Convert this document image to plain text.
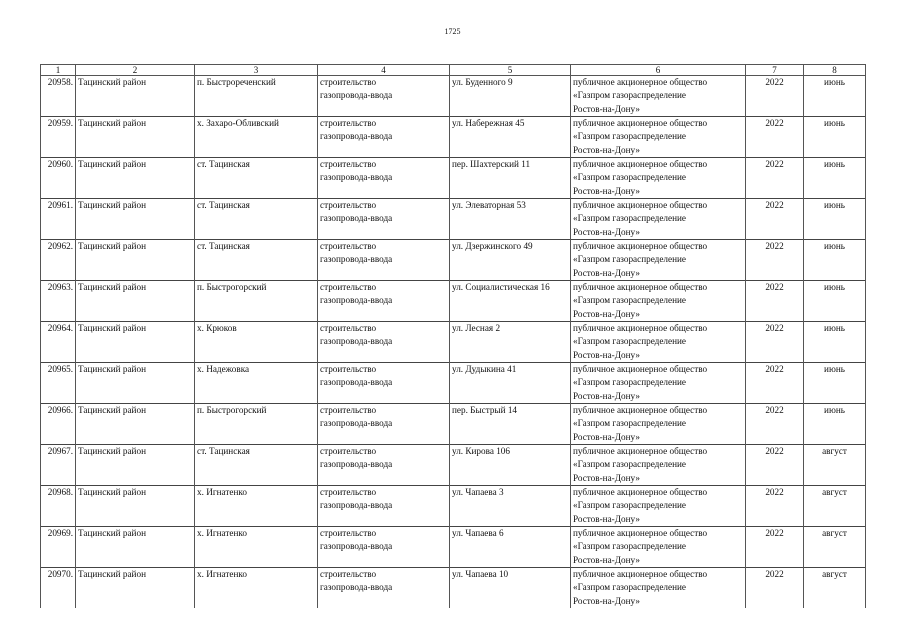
1725
1	2	3	4	5	6	7	8

20958.	Тацинский район	п. Быстрореченский	строительство
газопровода-ввода	ул. Буденного 9	публичное акционерное общество
«Газпром газораспределение
Ростов-на-Дону»	2022	июнь

20959.	Тацинский район	х. Захаро-Обливский	строительство
газопровода-ввода	ул. Набережная 45	публичное акционерное общество
«Газпром газораспределение
Ростов-на-Дону»	2022	июнь

20960.	Тацинский район	ст. Тацинская	строительство
газопровода-ввода	пер. Шахтерский 11	публичное акционерное общество
«Газпром газораспределение
Ростов-на-Дону»	2022	июнь

20961.	Тацинский район	ст. Тацинская	строительство
газопровода-ввода	ул. Элеваторная 53	публичное акционерное общество
«Газпром газораспределение
Ростов-на-Дону»	2022	июнь

20962.	Тацинский район	ст. Тацинская	строительство
газопровода-ввода	ул. Дзержинского 49	публичное акционерное общество
«Газпром газораспределение
Ростов-на-Дону»	2022	июнь

20963.	Тацинский район	п. Быстрогорский	строительство
газопровода-ввода	ул. Социалистическая 16	публичное акционерное общество
«Газпром газораспределение
Ростов-на-Дону»	2022	июнь

20964.	Тацинский район	х. Крюков	строительство
газопровода-ввода	ул. Лесная 2	публичное акционерное общество
«Газпром газораспределение
Ростов-на-Дону»	2022	июнь

20965.	Тацинский район	х. Надежовка	строительство
газопровода-ввода	ул. Дудыкина 41	публичное акционерное общество
«Газпром газораспределение
Ростов-на-Дону»	2022	июнь

20966.	Тацинский район	п. Быстрогорский	строительство
газопровода-ввода	пер. Быстрый 14	публичное акционерное общество
«Газпром газораспределение
Ростов-на-Дону»	2022	июнь

20967.	Тацинский район	ст. Тацинская	строительство
газопровода-ввода	ул. Кирова 106	публичное акционерное общество
«Газпром газораспределение
Ростов-на-Дону»	2022	август

20968.	Тацинский район	х. Игнатенко	строительство
газопровода-ввода	ул. Чапаева 3	публичное акционерное общество
«Газпром газораспределение
Ростов-на-Дону»	2022	август

20969.	Тацинский район	х. Игнатенко	строительство
газопровода-ввода	ул. Чапаева 6	публичное акционерное общество
«Газпром газораспределение
Ростов-на-Дону»	2022	август

20970.	Тацинский район	х. Игнатенко	строительство
газопровода-ввода	ул. Чапаева 10	публичное акционерное общество
«Газпром газораспределение
Ростов-на-Дону»	2022	август
